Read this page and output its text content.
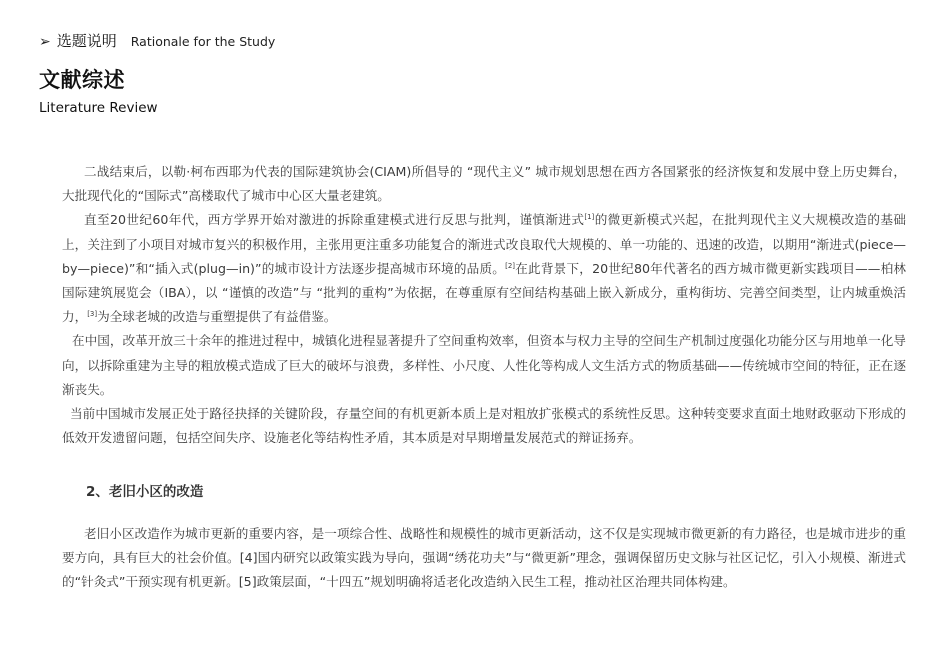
➢ 选题说明 Rationale for the Study
文献综述
Literature Review

二战结束后，以勒·柯布西耶为代表的国际建筑协会(CIAM)所倡导的 “现代主义” 城市规划思想在西方各国紧张的经济恢复和发展中登上历史舞台，大批现代化的“国际式”高楼取代了城市中心区大量老建筑。

直至20世纪60年代，西方学界开始对激进的拆除重建模式进行反思与批判，谨慎渐进式[1]的微更新模式兴起，在批判现代主义大规模改造的基础上，关注到了小项目对城市复兴的积极作用，主张用更注重多功能复合的渐进式改良取代大规模的、单一功能的、迅速的改造，以期用“渐进式(piece—by—piece)”和“插入式(plug—in)”的城市设计方法逐步提高城市环境的品质。[2]在此背景下，20世纪80年代著名的西方城市微更新实践项目——柏林国际建筑展览会（IBA），以 “谨慎的改造”与 “批判的重构”为依据，在尊重原有空间结构基础上嵌入新成分，重构街坊、完善空间类型，让内城重焕活力，[3]为全球老城的改造与重塑提供了有益借鉴。

在中国，改革开放三十余年的推进过程中，城镇化进程显著提升了空间重构效率，但资本与权力主导的空间生产机制过度强化功能分区与用地单一化导向，以拆除重建为主导的粗放模式造成了巨大的破坏与浪费，多样性、小尺度、人性化等构成人文生活方式的物质基础——传统城市空间的特征，正在逐渐丧失。

当前中国城市发展正处于路径抉择的关键阶段，存量空间的有机更新本质上是对粗放扩张模式的系统性反思。这种转变要求直面土地财政驱动下形成的低效开发遗留问题，包括空间失序、设施老化等结构性矛盾，其本质是对早期增量发展范式的辩证扬弃。

2、老旧小区的改造

老旧小区改造作为城市更新的重要内容，是一项综合性、战略性和规模性的城市更新活动，这不仅是实现城市微更新的有力路径，也是城市进步的重要方向，具有巨大的社会价值。[4]国内研究以政策实践为导向，强调“绣花功夫”与“微更新”理念，强调保留历史文脉与社区记忆，引入小规模、渐进式的“针灸式”干预实现有机更新。[5]政策层面，“十四五”规划明确将适老化改造纳入民生工程，推动社区治理共同体构建。
